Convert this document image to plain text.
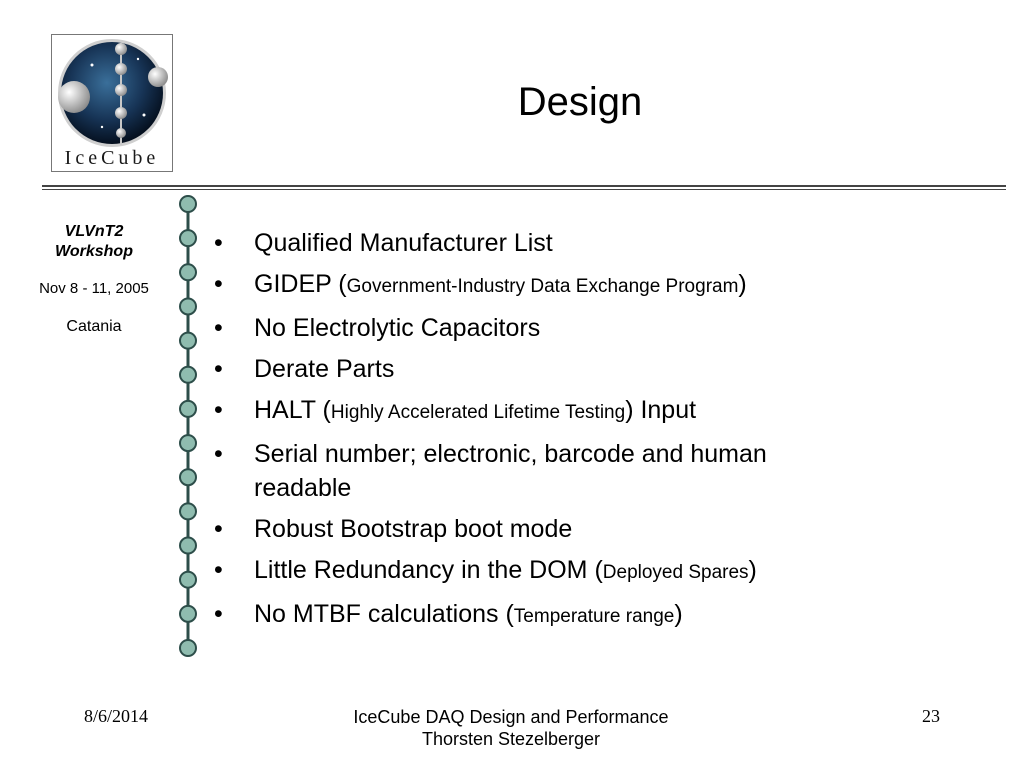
IceCube
Design
VLVnT2
Workshop
Nov 8 - 11, 2005
Catania
• Qualified Manufacturer List
• GIDEP (Government-Industry Data Exchange Program)
• No Electrolytic Capacitors
• Derate Parts
• HALT (Highly Accelerated Lifetime Testing) Input
• Serial number; electronic, barcode and human readable
• Robust Bootstrap boot mode
• Little Redundancy in the DOM (Deployed Spares)
• No MTBF calculations (Temperature range)
8/6/2014	IceCube DAQ Design and Performance
Thorsten Stezelberger
23
